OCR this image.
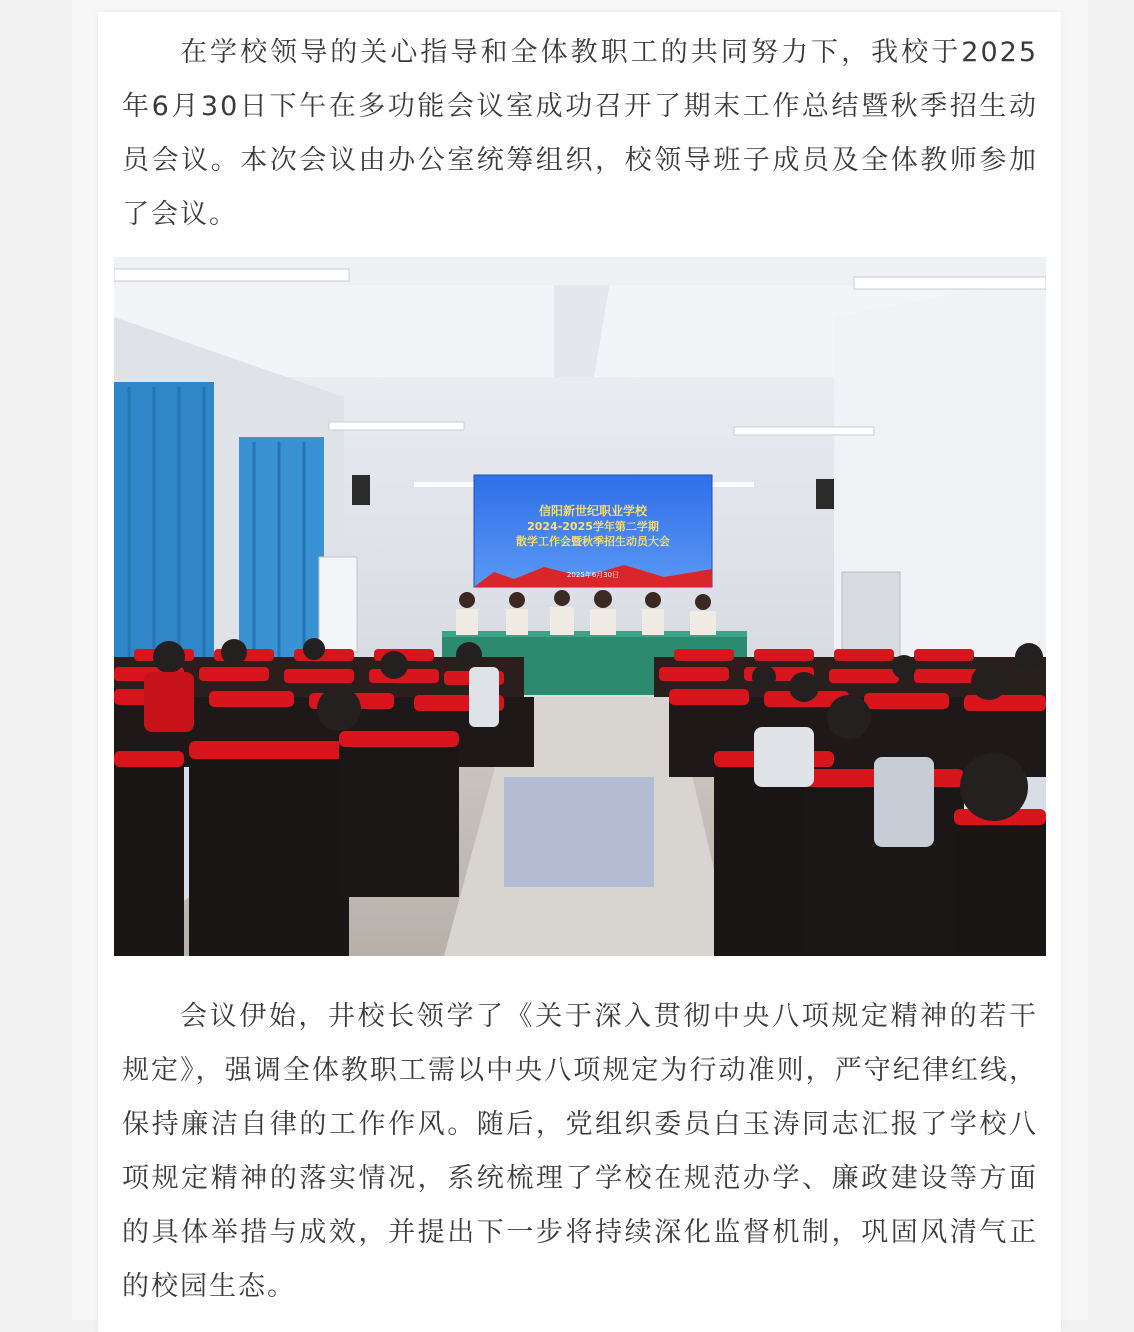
在学校领导的关心指导和全体教职工的共同努力下，我校于2025年6月30日下午在多功能会议室成功召开了期末工作总结暨秋季招生动员会议。本次会议由办公室统筹组织，校领导班子成员及全体教师参加了会议。

信阳新世纪职业学校
2024-2025学年第二学期
散学工作会暨秋季招生动员大会
2025年6月30日

会议伊始，井校长领学了《关于深入贯彻中央八项规定精神的若干规定》，强调全体教职工需以中央八项规定为行动准则，严守纪律红线，保持廉洁自律的工作作风。随后，党组织委员白玉涛同志汇报了学校八项规定精神的落实情况，系统梳理了学校在规范办学、廉政建设等方面的具体举措与成效，并提出下一步将持续深化监督机制，巩固风清气正的校园生态。
